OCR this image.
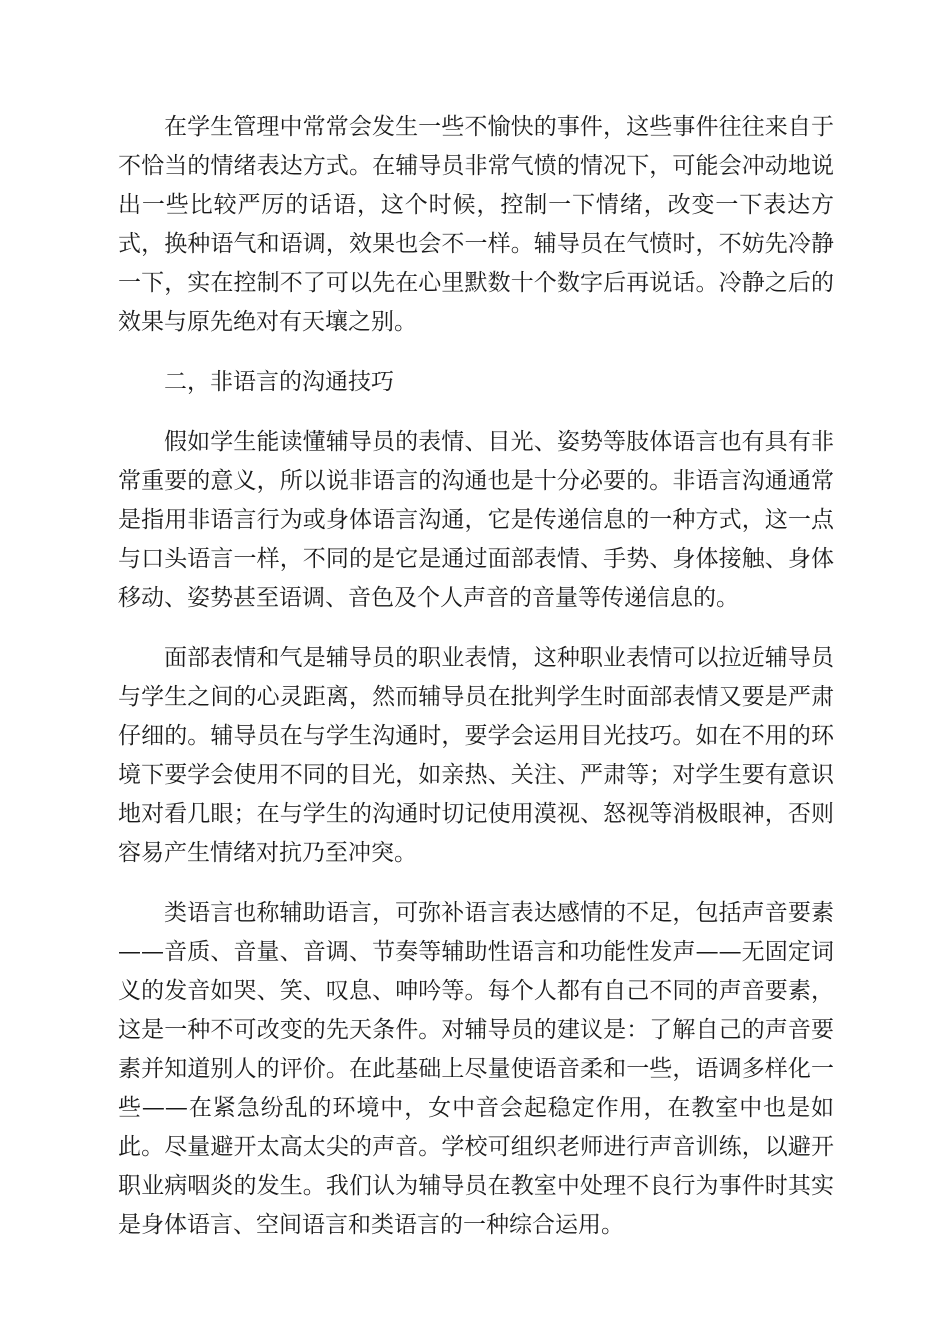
在学生管理中常常会发生一些不愉快的事件，这些事件往往来自于不恰当的情绪表达方式。在辅导员非常气愤的情况下，可能会冲动地说出一些比较严厉的话语，这个时候，控制一下情绪，改变一下表达方式，换种语气和语调，效果也会不一样。辅导员在气愤时，不妨先冷静一下，实在控制不了可以先在心里默数十个数字后再说话。冷静之后的效果与原先绝对有天壤之别。

二，非语言的沟通技巧

假如学生能读懂辅导员的表情、目光、姿势等肢体语言也有具有非常重要的意义，所以说非语言的沟通也是十分必要的。非语言沟通通常是指用非语言行为或身体语言沟通，它是传递信息的一种方式，这一点与口头语言一样，不同的是它是通过面部表情、手势、身体接触、身体移动、姿势甚至语调、音色及个人声音的音量等传递信息的。

面部表情和气是辅导员的职业表情，这种职业表情可以拉近辅导员与学生之间的心灵距离，然而辅导员在批判学生时面部表情又要是严肃仔细的。辅导员在与学生沟通时，要学会运用目光技巧。如在不用的环境下要学会使用不同的目光，如亲热、关注、严肃等；对学生要有意识地对看几眼；在与学生的沟通时切记使用漠视、怒视等消极眼神，否则容易产生情绪对抗乃至冲突。

类语言也称辅助语言，可弥补语言表达感情的不足，包括声音要素——音质、音量、音调、节奏等辅助性语言和功能性发声——无固定词义的发音如哭、笑、叹息、呻吟等。每个人都有自己不同的声音要素，这是一种不可改变的先天条件。对辅导员的建议是：了解自己的声音要素并知道别人的评价。在此基础上尽量使语音柔和一些，语调多样化一些——在紧急纷乱的环境中，女中音会起稳定作用，在教室中也是如此。尽量避开太高太尖的声音。学校可组织老师进行声音训练，以避开职业病咽炎的发生。我们认为辅导员在教室中处理不良行为事件时其实是身体语言、空间语言和类语言的一种综合运用。
